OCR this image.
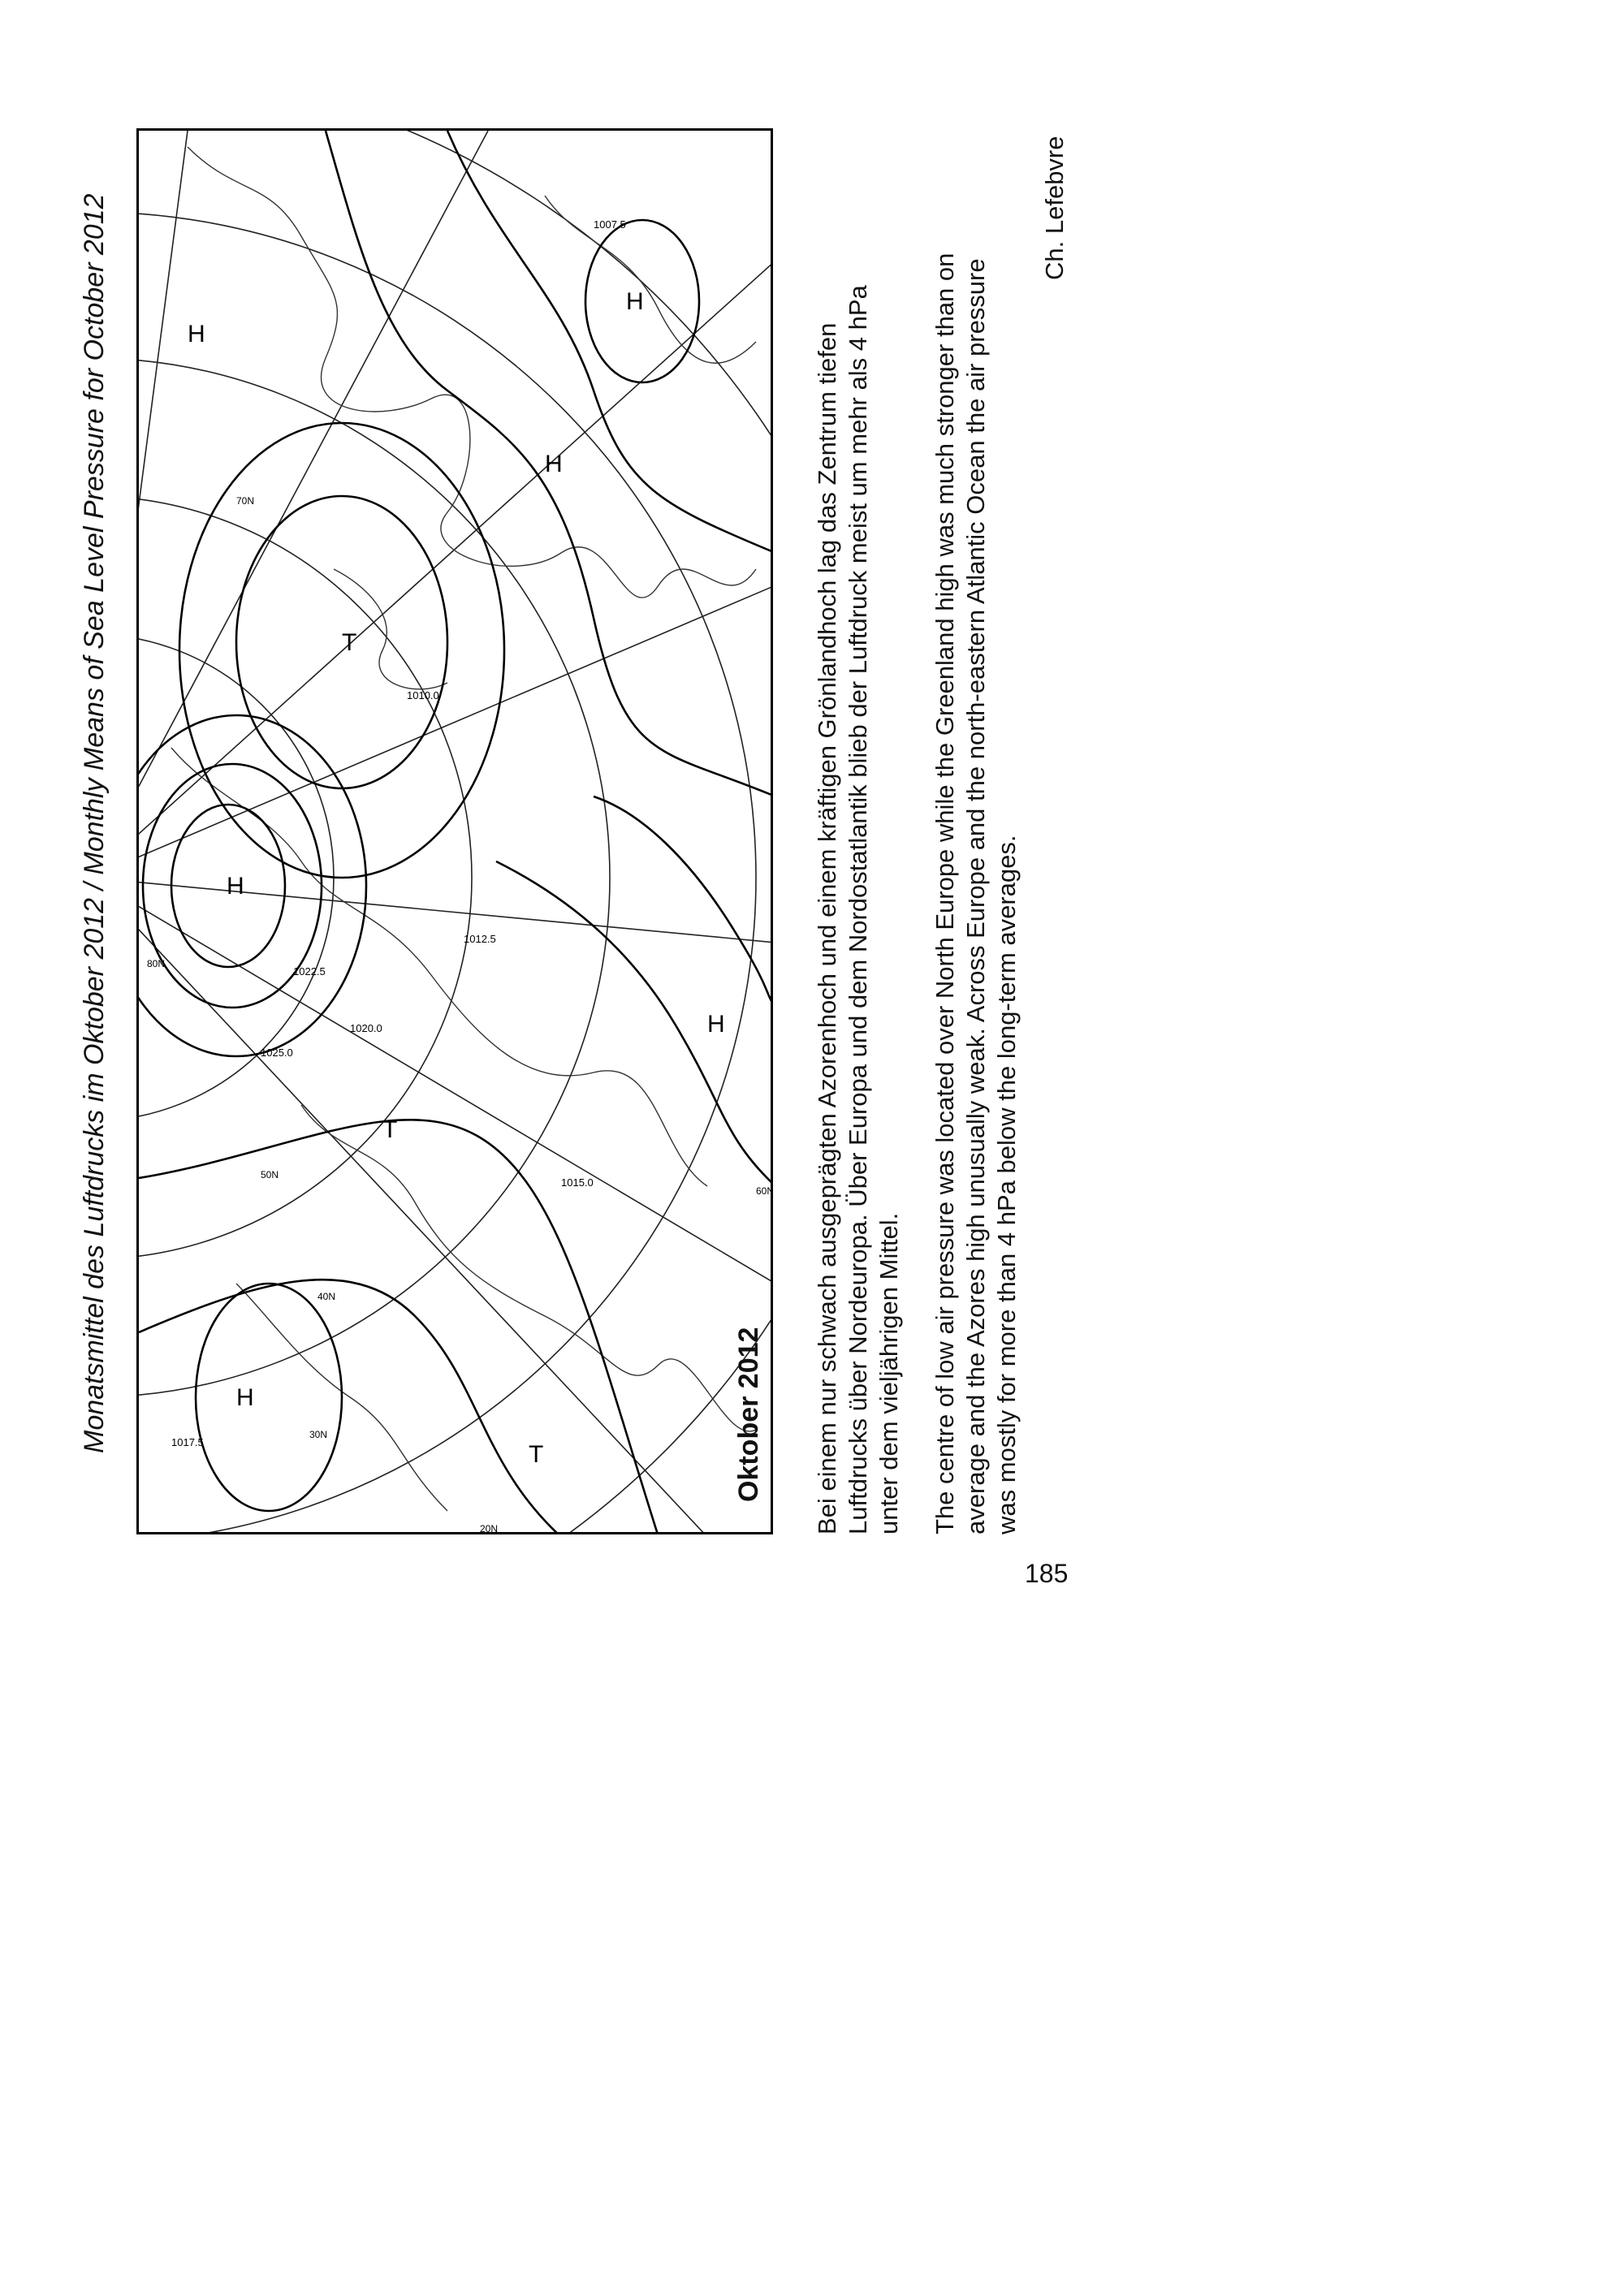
Monatsmittel des Luftdrucks im Oktober 2012 / Monthly Means of Sea Level Pressure for October 2012	H
H
H
H
H
H
T
T
T
1025.0
1022.5
1020.0
1010.0
1012.5
1015.0
1017.5
1007.5
20N
30N
40N
50N
60N
70N
80N
Oktober 2012 Bei einem nur schwach ausgeprägten Azorenhoch und einem kräftigen Grönlandhoch lag das Zentrum tiefen Luftdrucks über Nordeuropa. Über Europa und dem Nordostatlantik blieb der Luftdruck meist um mehr als 4 hPa unter dem vieljährigen Mittel. The centre of low air pressure was located over North Europe while the Greenland high was much stronger than on average and the Azores high unusually weak. Across Europe and the north-eastern Atlantic Ocean the air pressure was mostly for more than 4 hPa below the long-term averages.
Ch. Lefebvre
185
